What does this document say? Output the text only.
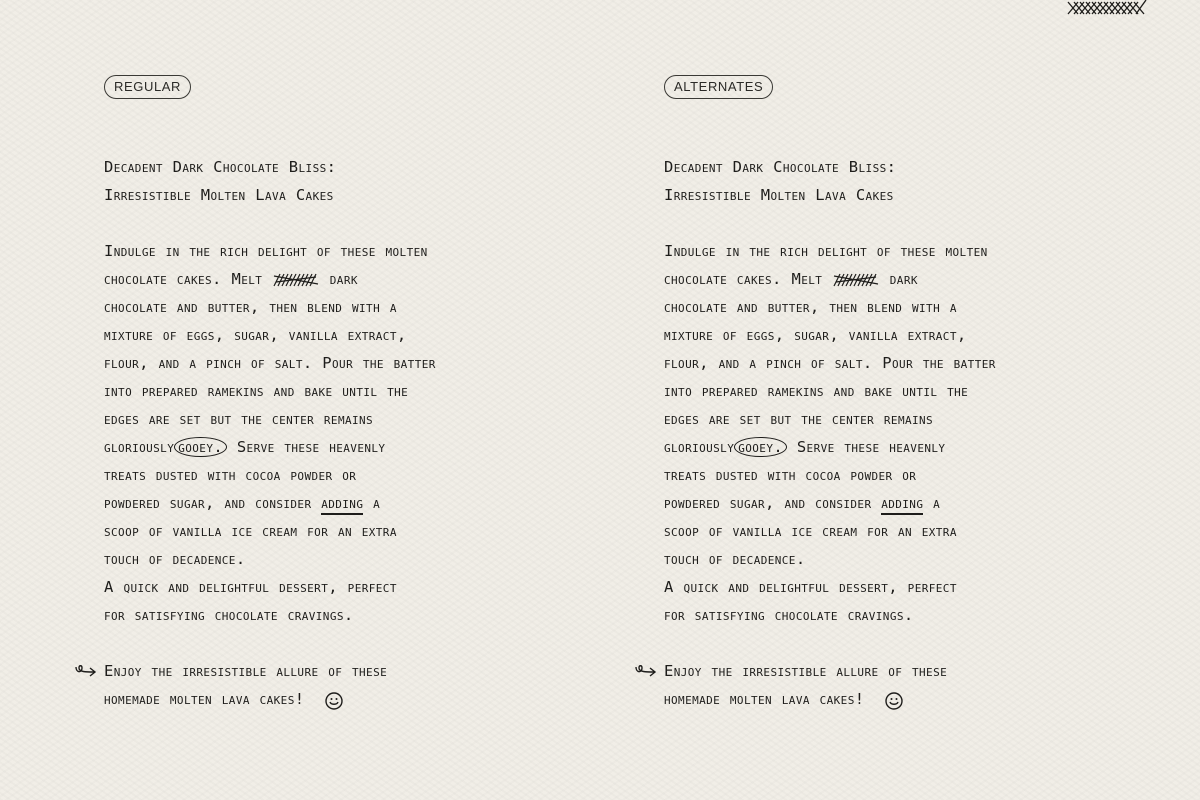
REGULAR
Decadent Dark Chocolate Bliss:
Irresistible Molten Lava Cakes
Indulge in the rich delight of these molten
chocolate cakes. Melt	dark
chocolate and butter, then blend with a
mixture of eggs, sugar, vanilla extract,
flour, and a pinch of salt. Pour the batter
into prepared ramekins and bake until the
edges are set but the center remains
gloriously gooey. Serve these heavenly
treats dusted with cocoa powder or
powdered sugar, and consider adding a
scoop of vanilla ice cream for an extra
touch of decadence.
A quick and delightful dessert, perfect
for satisfying chocolate cravings.
Enjoy the irresistible allure of these
homemade molten lava cakes!
ALTERNATES
Decadent Dark Chocolate Bliss:
Irresistible Molten Lava Cakes
Indulge in the rich delight of these molten
chocolate cakes. Melt	dark
chocolate and butter, then blend with a
mixture of eggs, sugar, vanilla extract,
flour, and a pinch of salt. Pour the batter
into prepared ramekins and bake until the
edges are set but the center remains
gloriously gooey. Serve these heavenly
treats dusted with cocoa powder or
powdered sugar, and consider adding a
scoop of vanilla ice cream for an extra
touch of decadence.
A quick and delightful dessert, perfect
for satisfying chocolate cravings.
Enjoy the irresistible allure of these
homemade molten lava cakes!
